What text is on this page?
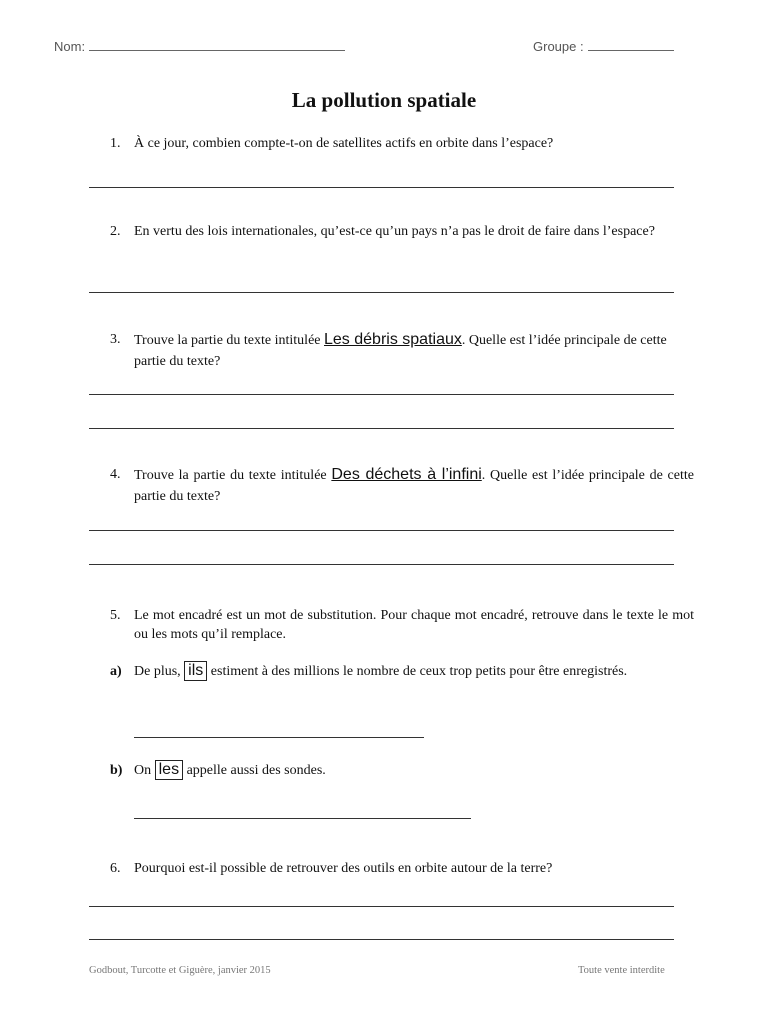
Nom:	Groupe :
La pollution spatiale
1. À ce jour, combien compte-t-on de satellites actifs en orbite dans l’espace?
2. En vertu des lois internationales, qu’est-ce qu’un pays n’a pas le droit de faire dans l’espace?
3. Trouve la partie du texte intitulée Les débris spatiaux. Quelle est l’idée principale de cette partie du texte?
4. Trouve la partie du texte intitulée Des déchets à l’infini. Quelle est l’idée principale de cette partie du texte?
5. Le mot encadré est un mot de substitution. Pour chaque mot encadré, retrouve dans le texte le mot ou les mots qu’il remplace.
a) De plus, ils estiment à des millions le nombre de ceux trop petits pour être enregistrés.
b) On les appelle aussi des sondes.
6. Pourquoi est-il possible de retrouver des outils en orbite autour de la terre?
Godbout, Turcotte et Giguère, janvier 2015	Toute vente interdite
